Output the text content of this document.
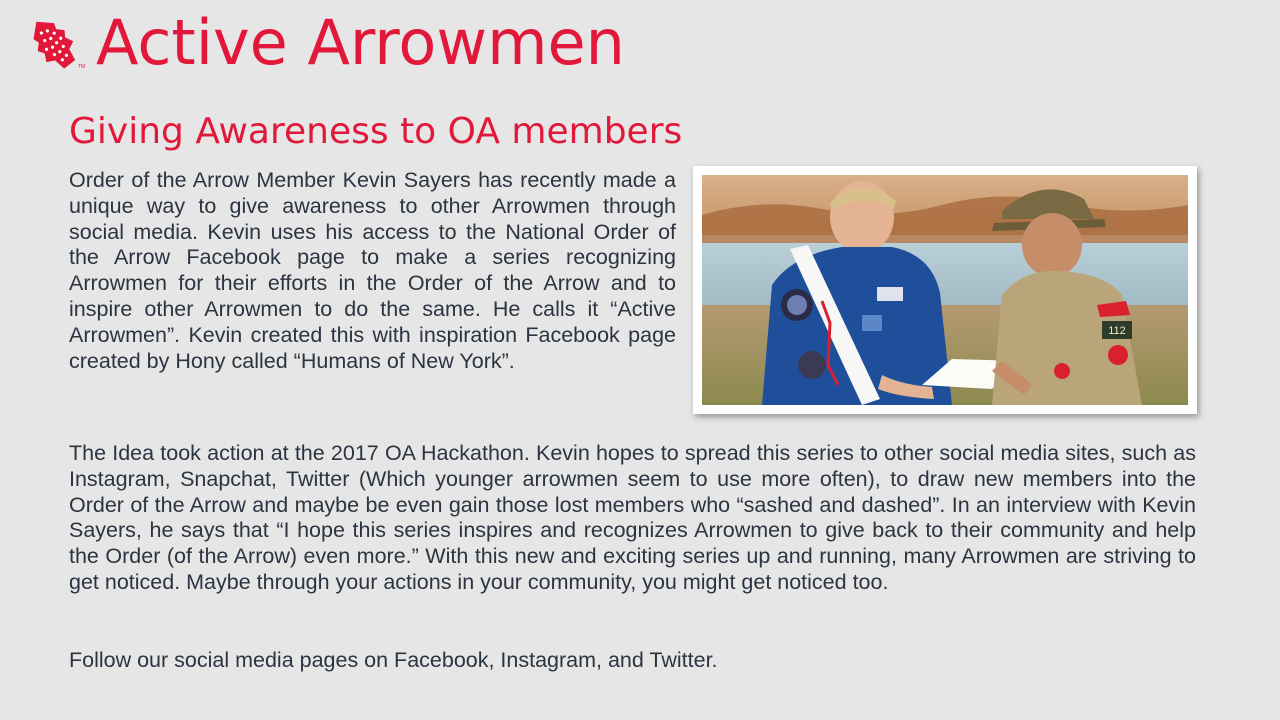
TM Active Arrowmen
Giving Awareness to OA members

Order of the Arrow Member Kevin Sayers has recently made a unique way to give awareness to other Arrowmen through social media. Kevin uses his access to the National Order of the Arrow Facebook page to make a series recognizing Arrowmen for their efforts in the Order of the Arrow and to inspire other Arrowmen to do the same. He calls it “Active Arrowmen”. Kevin created this with inspiration Facebook page created by Hony called “Humans of New York”.

112

The Idea took action at the 2017 OA Hackathon. Kevin hopes to spread this series to other social media sites, such as Instagram, Snapchat, Twitter (Which younger arrowmen seem to use more often), to draw new members into the Order of the Arrow and maybe be even gain those lost members who “sashed and dashed”. In an interview with Kevin Sayers, he says that “I hope this series inspires and recognizes Arrowmen to give back to their community and help the Order (of the Arrow) even more.” With this new and exciting series up and running, many Arrowmen are striving to get noticed. Maybe through your actions in your community, you might get noticed too.

Follow our social media pages on Facebook, Instagram, and Twitter.
